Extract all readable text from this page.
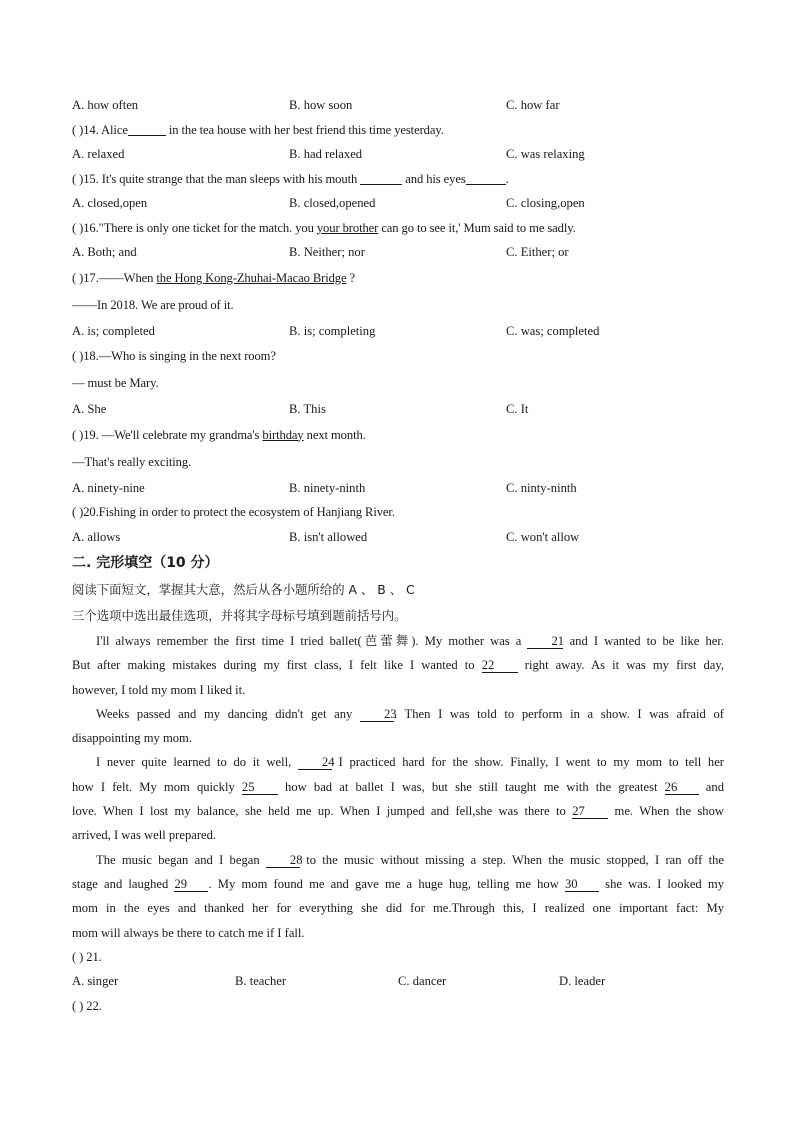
A. how often	B. how soon	C. how far
( )14. Alice	in the tea house with her best friend this time yesterday.
A. relaxed	B. had relaxed	C. was relaxing
( )15. It's quite strange that the man sleeps with his mouth	and his eyes	.
A. closed,open	B. closed,opened	C. closing,open
( )16."There is only one ticket for the match. you your brother can go to see it,' Mum said to me sadly.
A. Both; and	B. Neither; nor	C. Either; or
( )17.——When the Hong Kong-Zhuhai-Macao Bridge ?
——In 2018. We are proud of it.
A. is; completed	B. is; completing	C. was; completed
( )18.—Who is singing in the next room?
— must be Mary.
A. She	B. This	C. It
( )19. —We'll celebrate my grandma's birthday next month.
—That's really exciting.
A. ninety-nine	B. ninety-ninth	C. ninty-ninth
( )20.Fishing in order to protect the ecosystem of Hanjiang River.
A. allows	B. isn't allowed	C. won't allow
二. 完形填空（10 分）
阅读下面短文，掌握其大意，然后从各小题所给的 A 、 B 、 C
三个选项中选出最佳选项，并将其字母标号填到题前括号内。
I'll always remember the first time I tried ballet(芭蕾舞). My mother was a 21 and I wanted to be like her.
But after making mistakes during my first class, I felt like I wanted to 22 right away. As it was my first day,
however, I told my mom I liked it.
Weeks passed and my dancing didn't get any 23. Then I was told to perform in a show. I was afraid of
disappointing my mom.
I never quite learned to do it well, 24 I practiced hard for the show. Finally, I went to my mom to tell her
how I felt. My mom quickly 25 how bad at ballet I was, but she still taught me with the greatest 26 and
love. When I lost my balance, she held me up. When I jumped and fell,she was there to 27 me. When the show
arrived, I was well prepared.
The music began and I began 28 to the music without missing a step. When the music stopped, I ran off the
stage and laughed 29 . My mom found me and gave me a huge hug, telling me how 30 she was. I looked my
mom in the eyes and thanked her for everything she did for me.Through this, I realized one important fact: My
mom will always be there to catch me if I fall.
( ) 21.
A. singer	B. teacher	C. dancer	D. leader
( ) 22.
